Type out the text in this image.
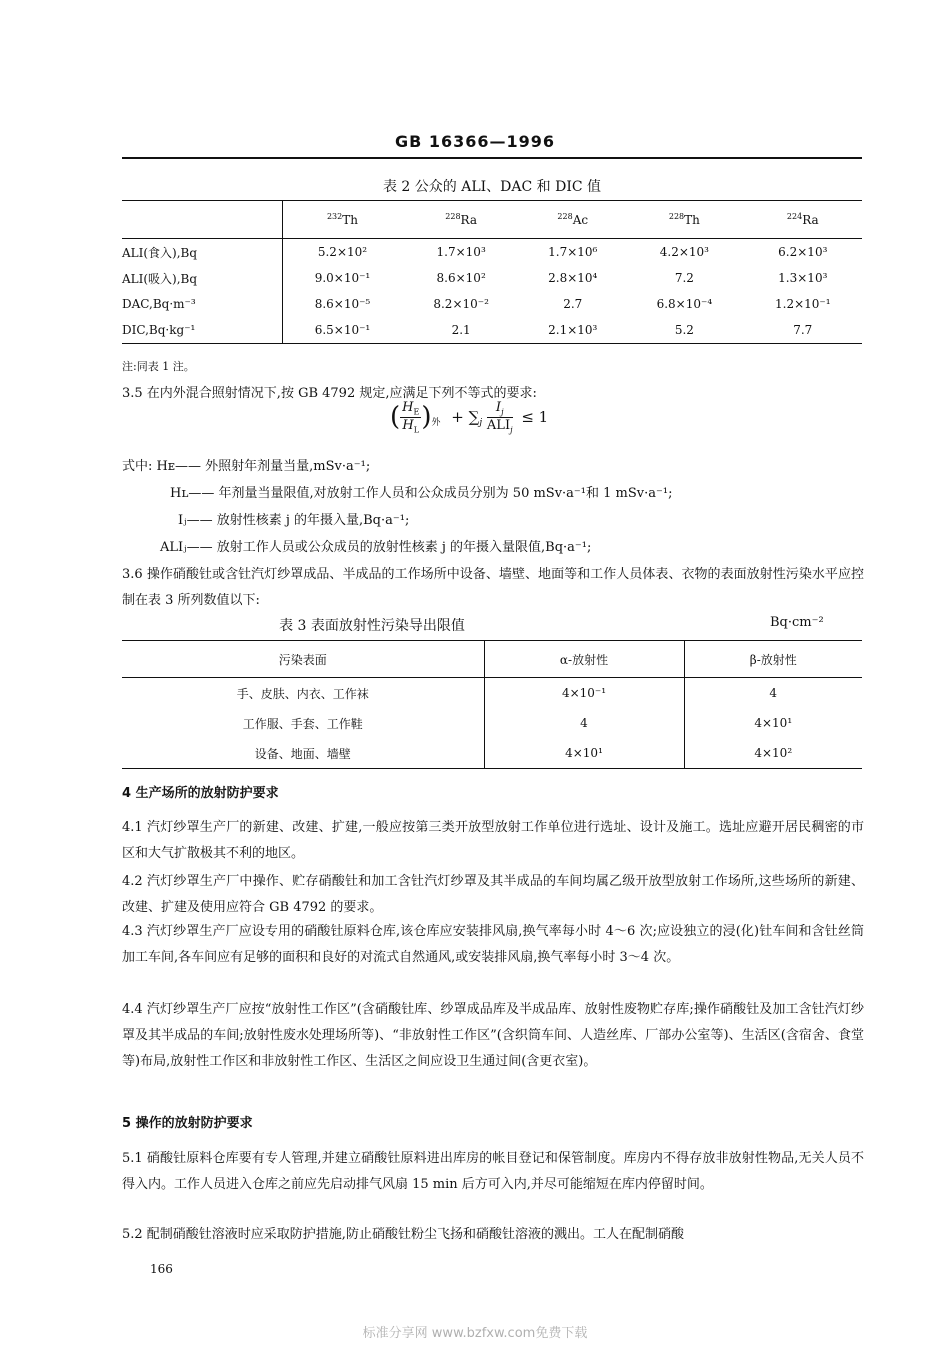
GB 16366—1996
表 2 公众的 ALI、DAC 和 DIC 值
	$^{232}$Th	$^{228}$Ra	$^{228}$Ac	$^{228}$Th	$^{224}$Ra
ALI(食入),Bq	5.2×10²	1.7×10³	1.7×10⁶	4.2×10³	6.2×10³
ALI(吸入),Bq	9.0×10⁻¹	8.6×10²	2.8×10⁴	7.2	1.3×10³
DAC,Bq·m⁻³	8.6×10⁻⁵	8.2×10⁻²	2.7	6.8×10⁻⁴	1.2×10⁻¹
DIC,Bq·kg⁻¹	6.5×10⁻¹	2.1	2.1×10³	5.2	7.7
注:同表 1 注。
3.5 在内外混合照射情况下,按 GB 4792 规定,应满足下列不等式的要求:
( $\frac{H_E}{H_L} )_外 + \sum_j \frac{I_j}{ALI_j} \le 1$
式中: Hᴇ—— 外照射年剂量当量,mSv·a⁻¹;
Hʟ—— 年剂量当量限值,对放射工作人员和公众成员分别为 50 mSv·a⁻¹和 1 mSv·a⁻¹;
Iⱼ—— 放射性核素 j 的年摄入量,Bq·a⁻¹;
ALIⱼ—— 放射工作人员或公众成员的放射性核素 j 的年摄入量限值,Bq·a⁻¹;
3.6 操作硝酸钍或含钍汽灯纱罩成品、半成品的工作场所中设备、墙壁、地面等和工作人员体表、衣物的表面放射性污染水平应控制在表 3 所列数值以下:
表 3 表面放射性污染导出限值	Bq·cm⁻²
污染表面	α-放射性	β-放射性
手、皮肤、内衣、工作袜	4×10⁻¹	4
工作服、手套、工作鞋	4	4×10¹
设备、地面、墙壁	4×10¹	4×10²
4 生产场所的放射防护要求
4.1 汽灯纱罩生产厂的新建、改建、扩建,一般应按第三类开放型放射工作单位进行选址、设计及施工。选址应避开居民稠密的市区和大气扩散极其不利的地区。
4.2 汽灯纱罩生产厂中操作、贮存硝酸钍和加工含钍汽灯纱罩及其半成品的车间均属乙级开放型放射工作场所,这些场所的新建、改建、扩建及使用应符合 GB 4792 的要求。
4.3 汽灯纱罩生产厂应设专用的硝酸钍原料仓库,该仓库应安装排风扇,换气率每小时 4～6 次;应设独立的浸(化)钍车间和含钍丝筒加工车间,各车间应有足够的面积和良好的对流式自然通风,或安装排风扇,换气率每小时 3～4 次。
4.4 汽灯纱罩生产厂应按“放射性工作区”(含硝酸钍库、纱罩成品库及半成品库、放射性废物贮存库;操作硝酸钍及加工含钍汽灯纱罩及其半成品的车间;放射性废水处理场所等)、“非放射性工作区”(含织筒车间、人造丝库、厂部办公室等)、生活区(含宿舍、食堂等)布局,放射性工作区和非放射性工作区、生活区之间应设卫生通过间(含更衣室)。
5 操作的放射防护要求
5.1 硝酸钍原料仓库要有专人管理,并建立硝酸钍原料进出库房的帐目登记和保管制度。库房内不得存放非放射性物品,无关人员不得入内。工作人员进入仓库之前应先启动排气风扇 15 min 后方可入内,并尽可能缩短在库内停留时间。
5.2 配制硝酸钍溶液时应采取防护措施,防止硝酸钍粉尘飞扬和硝酸钍溶液的溅出。工人在配制硝酸
166
标准分享网 www.bzfxw.com免费下载
